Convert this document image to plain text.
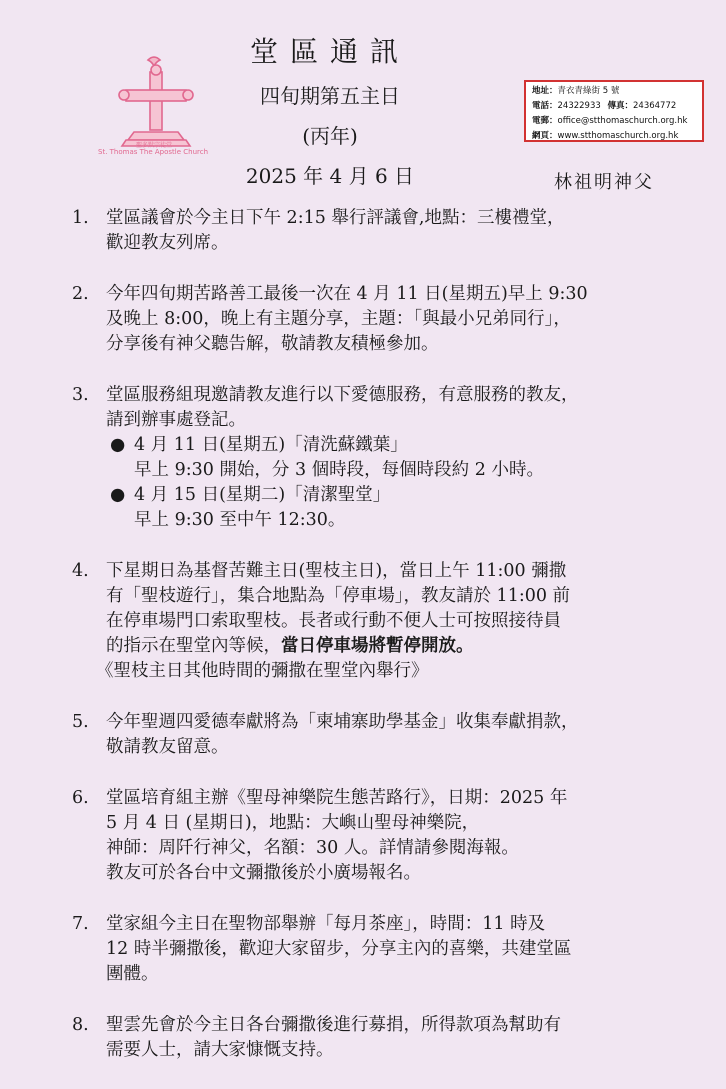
聖多默宗徒堂
St. Thomas The Apostle Church
堂區通訊
四旬期第五主日
(丙年)
2025 年 4 月 6 日
地址：青衣青綠街 5 號
電話：24322933 傳真：24364772
電郵：office@stthomaschurch.org.hk
網頁：www.stthomaschurch.org.hk
林祖明神父
1. 堂區議會於今主日下午 2:15 舉行評議會,地點：三樓禮堂，
歡迎教友列席。
2. 今年四旬期苦路善工最後一次在 4 月 11 日(星期五)早上 9:30
及晚上 8:00，晚上有主題分享，主題：「與最小兄弟同行」，
分享後有神父聽告解，敬請教友積極參加。
3. 堂區服務組現邀請教友進行以下愛德服務，有意服務的教友，
請到辦事處登記。
● 4 月 11 日(星期五)「清洗蘇鐵葉」
早上 9:30 開始，分 3 個時段，每個時段約 2 小時。
● 4 月 15 日(星期二)「清潔聖堂」
早上 9:30 至中午 12:30。
4. 下星期日為基督苦難主日(聖枝主日)，當日上午 11:00 彌撒
有「聖枝遊行」，集合地點為「停車場」，教友請於 11:00 前
在停車場門口索取聖枝。長者或行動不便人士可按照接待員
的指示在聖堂內等候，當日停車場將暫停開放。
《聖枝主日其他時間的彌撒在聖堂內舉行》
5. 今年聖週四愛德奉獻將為「柬埔寨助學基金」收集奉獻捐款，
敬請教友留意。
6. 堂區培育組主辦《聖母神樂院生態苦路行》，日期：2025 年
5 月 4 日 (星期日)，地點：大嶼山聖母神樂院，
神師：周阡行神父，名額：30 人。詳情請參閱海報。
教友可於各台中文彌撒後於小廣場報名。
7. 堂家組今主日在聖物部舉辦「每月茶座」，時間：11 時及
12 時半彌撒後，歡迎大家留步，分享主內的喜樂，共建堂區
團體。
8. 聖雲先會於今主日各台彌撒後進行募捐，所得款項為幫助有
需要人士，請大家慷慨支持。
